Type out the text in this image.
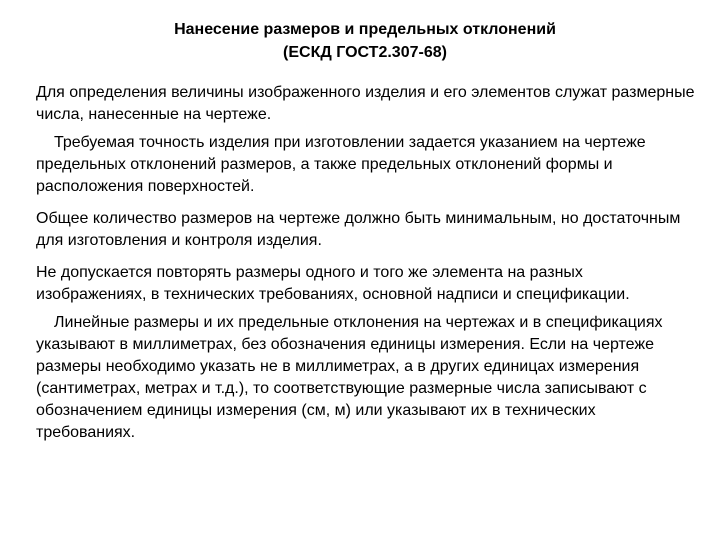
Нанесение размеров и предельных отклонений
(ЕСКД ГОСТ2.307-68)

Для определения величины изображенного изделия и его элементов служат размерные числа, нанесенные на чертеже.

Требуемая точность изделия при изготовлении задается указанием на чертеже предельных отклонений размеров, а также предельных отклонений формы и расположения поверхностей.

Общее количество размеров на чертеже должно быть минимальным, но достаточным для изготовления и контроля изделия.

Не допускается повторять размеры одного и того же элемента на разных изображениях, в технических требованиях, основной надписи и спецификации.

Линейные размеры и их предельные отклонения на чертежах и в спецификациях указывают в миллиметрах, без обозначения единицы измерения. Если на чертеже размеры необходимо указать не в миллиметрах, а в других единицах измерения (сантиметрах, метрах и т.д.), то соответствующие размерные числа записывают с обозначением единицы измерения (см, м) или указывают их в технических требованиях.
